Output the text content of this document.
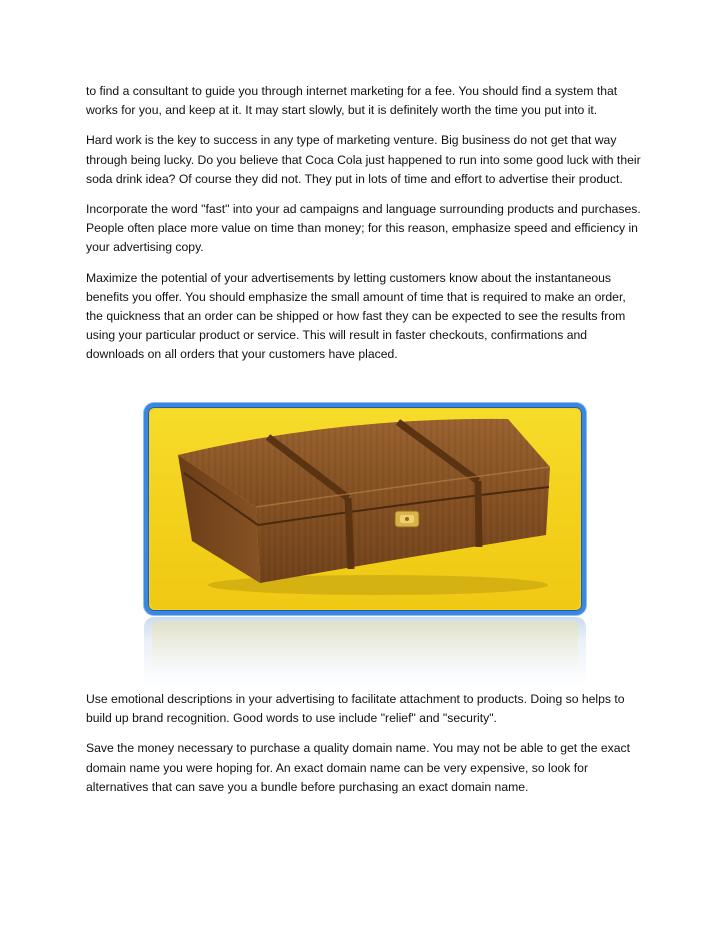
to find a consultant to guide you through internet marketing for a fee. You should find a system that works for you, and keep at it. It may start slowly, but it is definitely worth the time you put into it.

Hard work is the key to success in any type of marketing venture. Big business do not get that way through being lucky. Do you believe that Coca Cola just happened to run into some good luck with their soda drink idea? Of course they did not. They put in lots of time and effort to advertise their product.

Incorporate the word "fast" into your ad campaigns and language surrounding products and purchases. People often place more value on time than money; for this reason, emphasize speed and efficiency in your advertising copy.

Maximize the potential of your advertisements by letting customers know about the instantaneous benefits you offer. You should emphasize the small amount of time that is required to make an order, the quickness that an order can be shipped or how fast they can be expected to see the results from using your particular product or service. This will result in faster checkouts, confirmations and downloads on all orders that your customers have placed.

Use emotional descriptions in your advertising to facilitate attachment to products. Doing so helps to build up brand recognition. Good words to use include "relief" and "security".

Save the money necessary to purchase a quality domain name. You may not be able to get the exact domain name you were hoping for. An exact domain name can be very expensive, so look for alternatives that can save you a bundle before purchasing an exact domain name.
